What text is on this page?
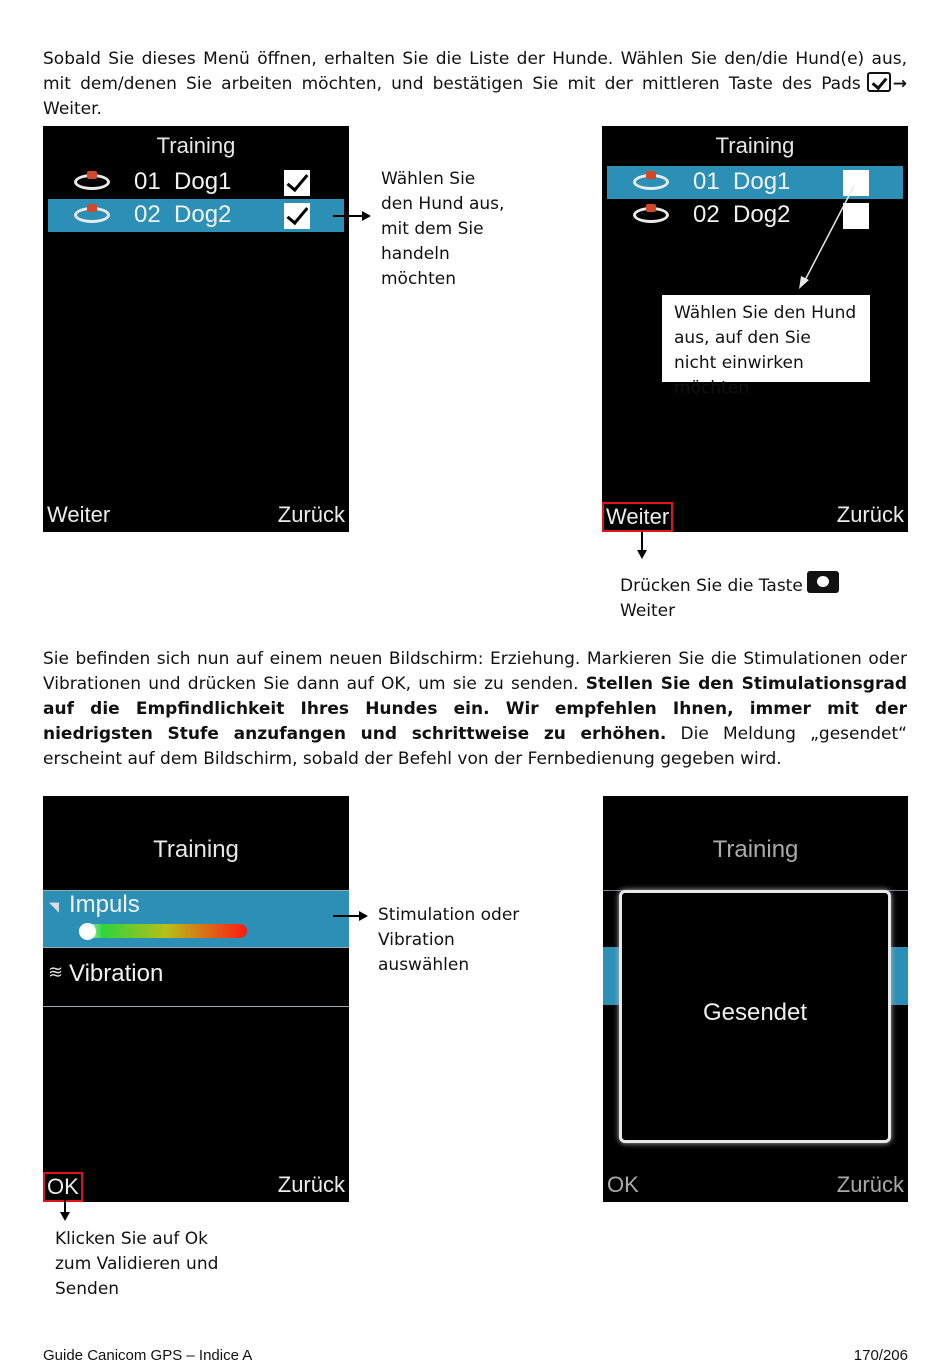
Sobald Sie dieses Menü öffnen, erhalten Sie die Liste der Hunde. Wählen Sie den/die Hund(e) aus, mit dem/denen Sie arbeiten möchten, und bestätigen Sie mit der mittleren Taste des Pads → Weiter.
Training
01  Dog1
02  Dog2
Weiter	Zurück
Wählen Sie den Hund aus, mit dem Sie handeln möchten
Training
01  Dog1
02  Dog2
Wählen Sie den Hund aus, auf den Sie nicht einwirken möchten
Weiter	Zurück
Drücken Sie die Taste
Weiter
Sie befinden sich nun auf einem neuen Bildschirm: Erziehung. Markieren Sie die Stimulationen oder Vibrationen und drücken Sie dann auf OK, um sie zu senden. Stellen Sie den Stimulationsgrad auf die Empfindlichkeit Ihres Hundes ein. Wir empfehlen Ihnen, immer mit der niedrigsten Stufe anzufangen und schrittweise zu erhöhen. Die Meldung „gesendet“ erscheint auf dem Bildschirm, sobald der Befehl von der Fernbedienung gegeben wird.
Training
◥ Impuls
≋ Vibration
OK	Zurück
Stimulation oder Vibration auswählen
Klicken Sie auf Ok zum Validieren und Senden
Training
Gesendet
OK	Zurück
Guide Canicom GPS – Indice A	170/206
